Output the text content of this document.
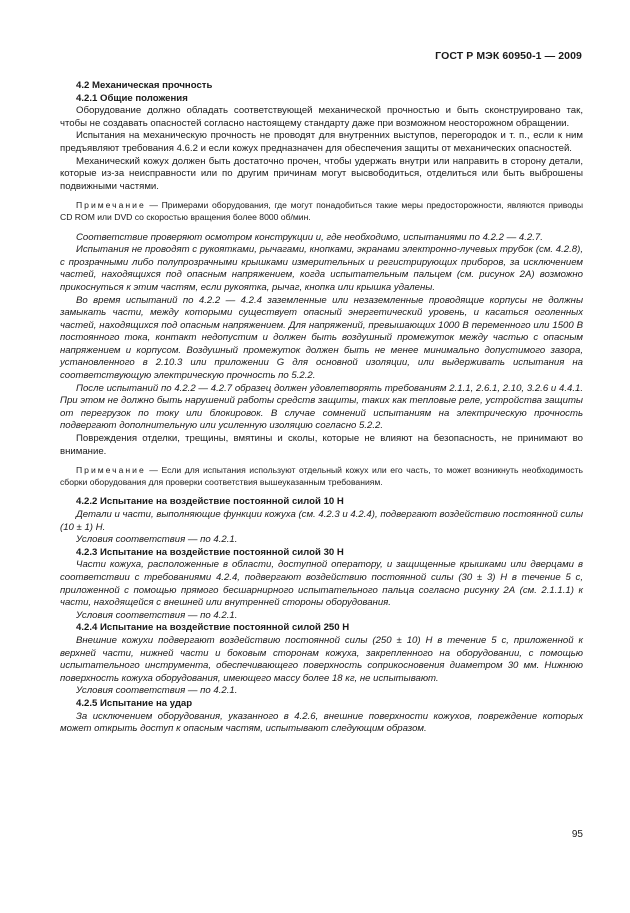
ГОСТ Р МЭК 60950-1 — 2009

4.2 Механическая прочность

4.2.1 Общие положения

Оборудование должно обладать соответствующей механической прочностью и быть сконструировано так, чтобы не создавать опасностей согласно настоящему стандарту даже при возможном неосторожном обращении.

Испытания на механическую прочность не проводят для внутренних выступов, перегородок и т. п., если к ним предъявляют требования 4.6.2 и если кожух предназначен для обеспечения защиты от механических опасностей.

Механический кожух должен быть достаточно прочен, чтобы удержать внутри или направить в сторону детали, которые из-за неисправности или по другим причинам могут высвободиться, отделиться или быть выброшены подвижными частями.

Примечание — Примерами оборудования, где могут понадобиться такие меры предосторожности, являются приводы CD ROM или DVD со скоростью вращения более 8000 об/мин.

Соответствие проверяют осмотром конструкции и, где необходимо, испытаниями по 4.2.2 — 4.2.7.

Испытания не проводят с рукоятками, рычагами, кнопками, экранами электронно-лучевых трубок (см. 4.2.8), с прозрачными либо полупрозрачными крышками измерительных и регистрирующих приборов, за исключением частей, находящихся под опасным напряжением, когда испытательным пальцем (см. рисунок 2А) возможно прикоснуться к этим частям, если рукоятка, рычаг, кнопка или крышка удалены.

Во время испытаний по 4.2.2 — 4.2.4 заземленные или незаземленные проводящие корпусы не должны замыкать части, между которыми существует опасный энергетический уровень, и касаться оголенных частей, находящихся под опасным напряжением. Для напряжений, превышающих 1000 В переменного или 1500 В постоянного тока, контакт недопустим и должен быть воздушный промежуток между частью с опасным напряжением и корпусом. Воздушный промежуток должен быть не менее минимально допустимого зазора, установленного в 2.10.3 или приложении G для основной изоляции, или выдерживать испытания на соответствующую электрическую прочность по 5.2.2.

После испытаний по 4.2.2 — 4.2.7 образец должен удовлетворять требованиям 2.1.1, 2.6.1, 2.10, 3.2.6 и 4.4.1. При этом не должно быть нарушений работы средств защиты, таких как тепловые реле, устройства защиты от перегрузок по току или блокировок. В случае сомнений испытаниям на электрическую прочность подвергают дополнительную или усиленную изоляцию согласно 5.2.2.

Повреждения отделки, трещины, вмятины и сколы, которые не влияют на безопасность, не принимают во внимание.

Примечание — Если для испытания используют отдельный кожух или его часть, то может возникнуть необходимость сборки оборудования для проверки соответствия вышеуказанным требованиям.

4.2.2 Испытание на воздействие постоянной силой 10 Н

Детали и части, выполняющие функции кожуха (см. 4.2.3 и 4.2.4), подвергают воздействию постоянной силы (10 ± 1) Н.

Условия соответствия — по 4.2.1.

4.2.3 Испытание на воздействие постоянной силой 30 Н

Части кожуха, расположенные в области, доступной оператору, и защищенные крышками или дверцами в соответствии с требованиями 4.2.4, подвергают воздействию постоянной силы (30 ± 3) Н в течение 5 с, приложенной с помощью прямого бесшарнирного испытательного пальца согласно рисунку 2А (см. 2.1.1.1) к части, находящейся с внешней или внутренней стороны оборудования.

Условия соответствия — по 4.2.1.

4.2.4 Испытание на воздействие постоянной силой 250 Н

Внешние кожухи подвергают воздействию постоянной силы (250 ± 10) Н в течение 5 с, приложенной к верхней части, нижней части и боковым сторонам кожуха, закрепленного на оборудовании, с помощью испытательного инструмента, обеспечивающего поверхность соприкосновения диаметром 30 мм. Нижнюю поверхность кожуха оборудования, имеющего массу более 18 кг, не испытывают.

Условия соответствия — по 4.2.1.

4.2.5 Испытание на удар

За исключением оборудования, указанного в 4.2.6, внешние поверхности кожухов, повреждение которых может открыть доступ к опасным частям, испытывают следующим образом.

95
